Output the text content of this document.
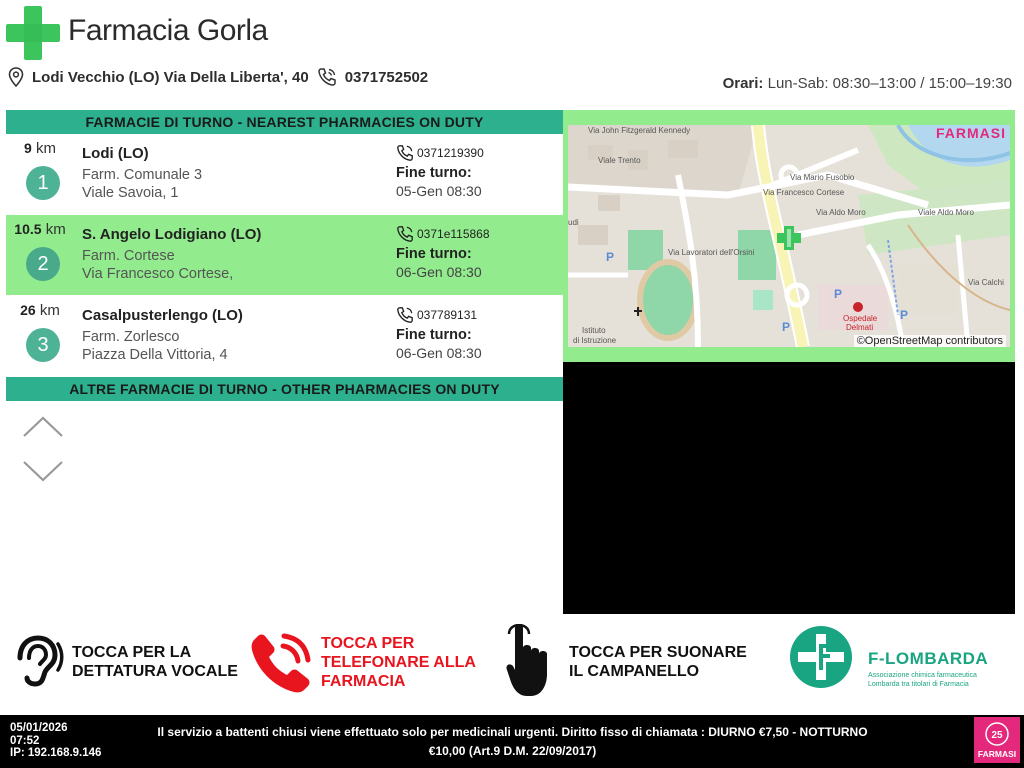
Farmacia Gorla
Lodi Vecchio (LO) Via Della Liberta', 40 0371752502	Orari: Lun-Sab: 08:30–13:00 / 15:00–19:30
FARMACIE DI TURNO - NEAREST PHARMACIES ON DUTY
9 km
1
Lodi (LO)
Farm. Comunale 3
Viale Savoia, 1
0371219390
Fine turno:
05-Gen 08:30
10.5 km
2
S. Angelo Lodigiano (LO)
Farm. Cortese
Via Francesco Cortese,
0371e115868
Fine turno:
06-Gen 08:30
26 km
3
Casalpusterlengo (LO)
Farm. Zorlesco
Piazza Della Vittoria, 4
037789131
Fine turno:
06-Gen 08:30
ALTRE FARMACIE DI TURNO - OTHER PHARMACIES ON DUTY
Via John Fitzgerald Kennedy
Viale Trento
Via Mario Fusobio
Via Aldo Moro	Viale Aldo Moro
Via Lavoratori dell'Orsini
Via Francesco Cortese
Via Calchi
udi
Istituto
di Istruzione
Ospedale
Delmati
P
P
P
P
FARMASI
©OpenStreetMap contributors
TOCCA PER LA
DETTATURA VOCALE
TOCCA PER
TELEFONARE ALLA
FARMACIA
TOCCA PER SUONARE
IL CAMPANELLO
F-LOMBARDA
Associazione chimica farmaceutica
Lombarda tra titolari di Farmacia
05/01/2026
07:52
IP: 192.168.9.146
Il servizio a battenti chiusi viene effettuato solo per medicinali urgenti. Diritto fisso di chiamata : DIURNO €7,50 - NOTTURNO
€10,00 (Art.9 D.M. 22/09/2017)
25
FARMASI
